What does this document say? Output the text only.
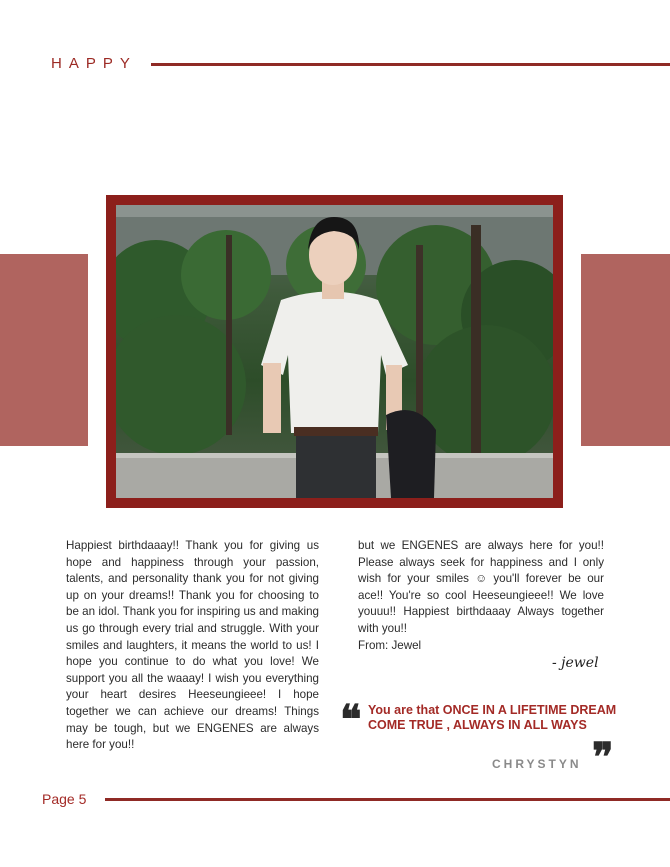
HAPPY

Happiest birthdaaay!! Thank you for giving us hope and happiness through your passion, talents, and personality thank you for not giving up on your dreams!! Thank you for choosing to be an idol. Thank you for inspiring us and making us go through every trial and struggle. With your smiles and laughters, it means the world to us! I hope you continue to do what you love! We support you all the waaay! I wish you everything your heart desires Heeseungieee! I hope together we can achieve our dreams! Things may be tough, but we ENGENES are always here for you!!

but we ENGENES are always here for you!! Please always seek for happiness and I only wish for your smiles ☺ you'll forever be our ace!! You're so cool Heeseungieee!! We love youuu!! Happiest birthdaaay Always together with you!!

From: Jewel

- jewel
❝ You are that ONCE IN A LIFETIME DREAM COME TRUE , ALWAYS IN ALL WAYS
❞
CHRYSTYN
Page 5
